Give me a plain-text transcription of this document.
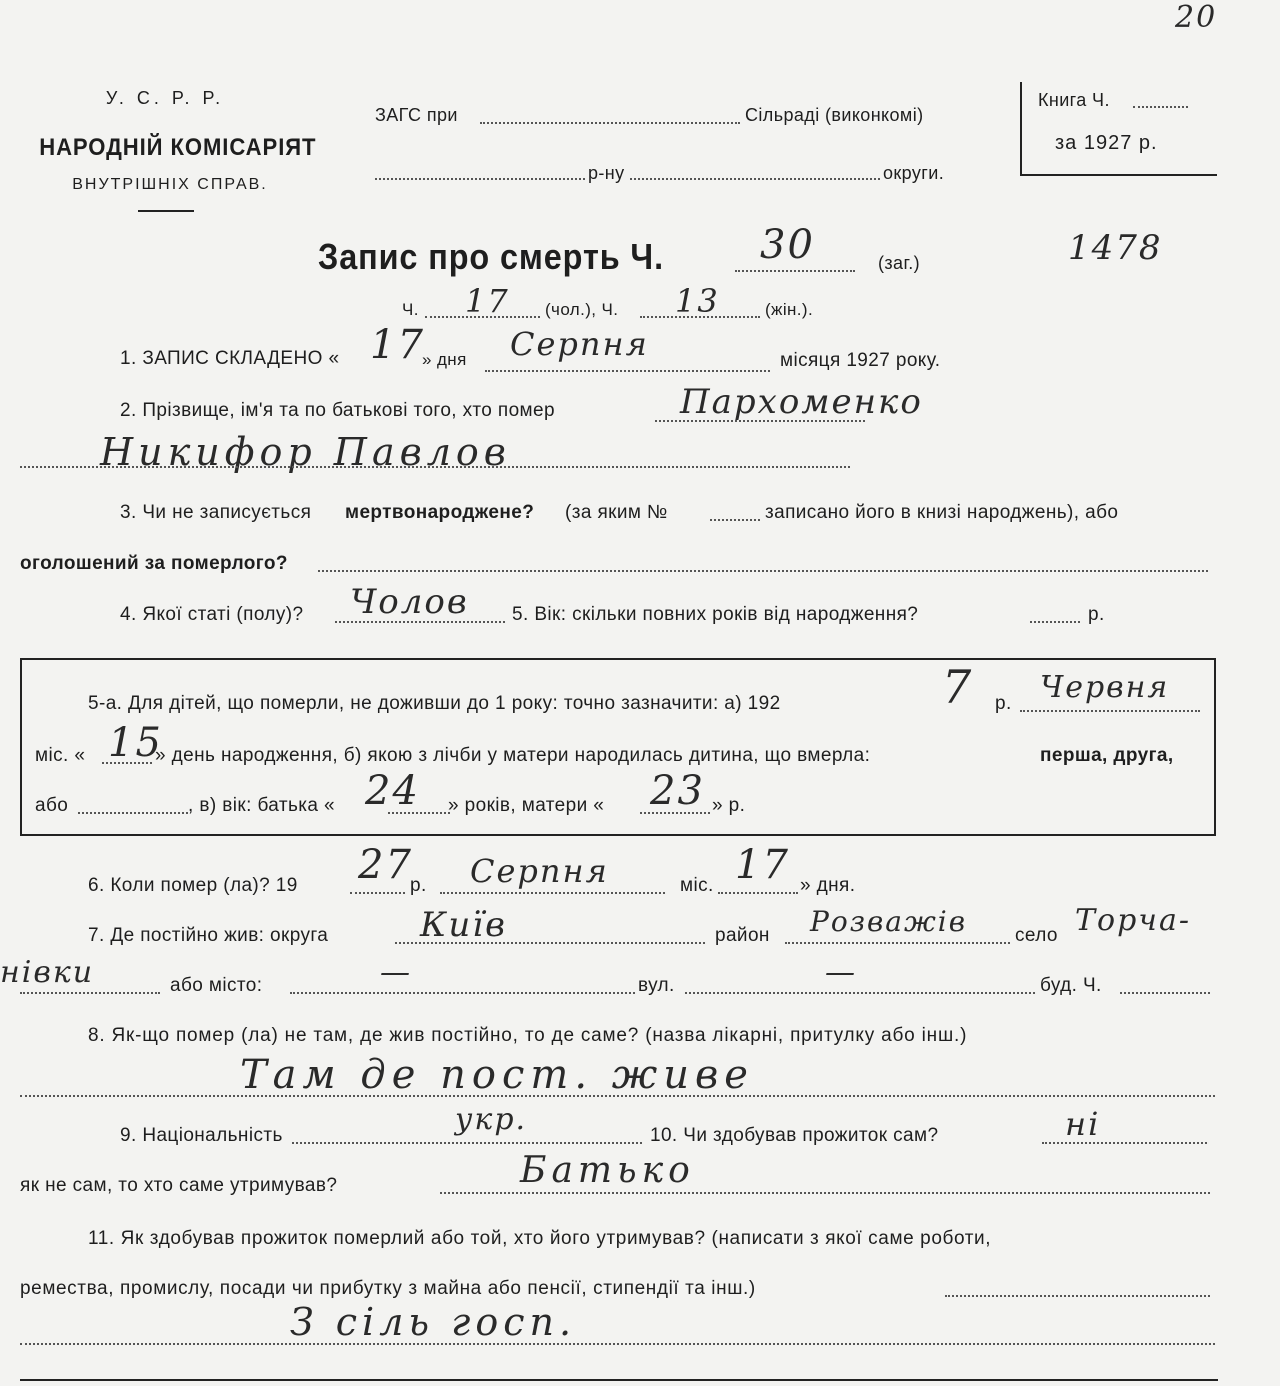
У. С. Р. Р.
НАРОДНІЙ КОМІСАРІЯТ
ВНУТРІШНІХ СПРАВ.
ЗАГС при	Сільраді (виконкомі)
р-ну	округи.
Книга Ч.
за 1927 р.
20
1478
Запис про смерть Ч. 30	(заг.)
Ч. 17 (чол.), Ч. 13	(жін.).
1. ЗАПИС СКЛАДЕНО « 17
» дня Серпня	місяця 1927 року.
2. Прізвище, ім'я та по батькові того, хто помер	Пархоменко
Никифор Павлов
3. Чи не записується мертвонароджене? (за яким №	записано його в книзі народжень), або
оголошений за померлого?
4. Якої статі (полу)? Чолов 5. Вік: скільки повних років від народження?	р.
5-а. Для дітей, що померли, не доживши до 1 року: точно зазначити: а) 192	7 р. Червня
міс. « 15
» день народження, б) якою з лічби у матери народилась дитина, що вмерла:	перша, друга,
або	, в) вік: батька « 24 » років, матери « 23 » р.
6. Коли помер (ла)? 19 27
р. Серпня	міс. 17 » дня.
7. Де постійно жив: округа	Київ	район Розважів	село Торча-
нівки	або місто:	—	вул.	—	буд. Ч.
8. Як-що помер (ла) не там, де жив постійно, то де саме? (назва лікарні, притулку або інш.)
Там де пост. живе
9. Національність	укр.	10. Чи здобував прожиток сам?	ні
як не сам, то хто саме утримував?	Батько
11. Як здобував прожиток померлий або той, хто його утримував? (написати з якої саме роботи,
ремества, промислу, посади чи прибутку з майна або пенсії, стипендії та інш.)
З сіль госп.
